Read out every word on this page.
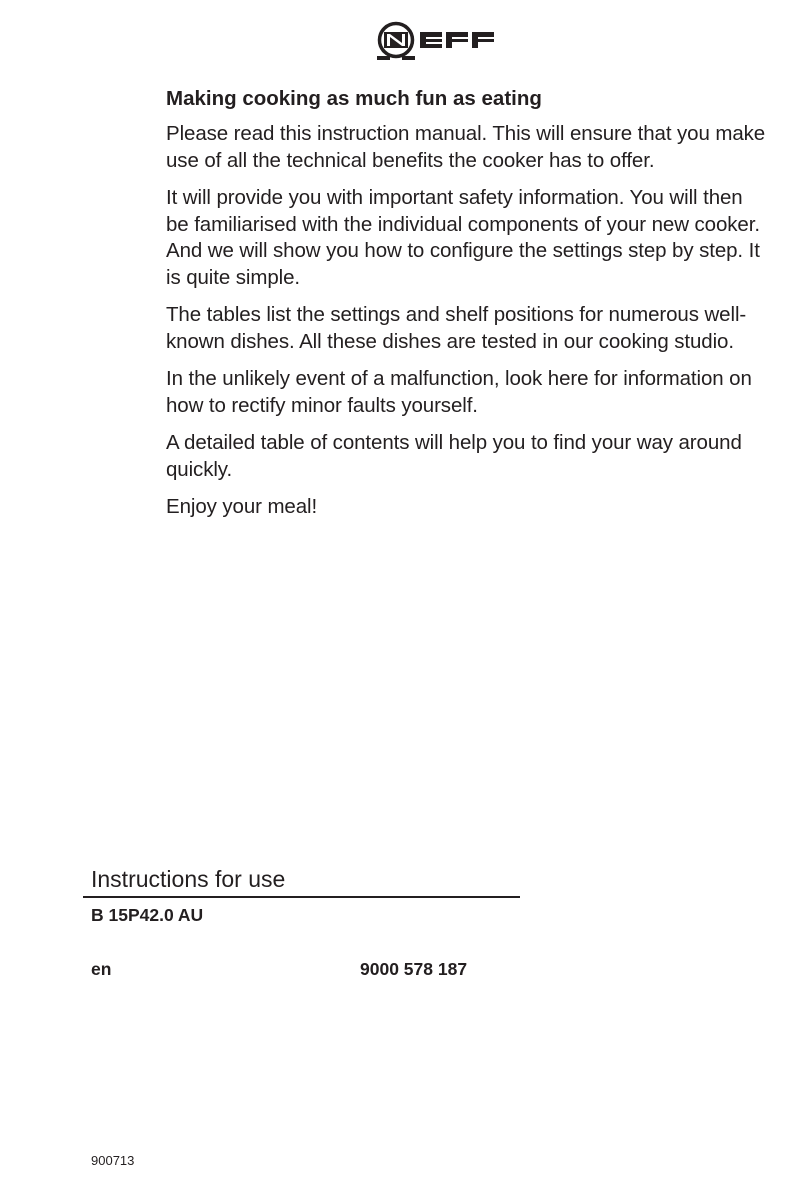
Making cooking as much fun as eating

Please read this instruction manual. This will ensure that you make use of all the technical benefits the cooker has to offer.

It will provide you with important safety information. You will then be familiarised with the individual components of your new cooker. And we will show you how to configure the settings step by step. It is quite simple.

The tables list the settings and shelf positions for numerous well-known dishes. All these dishes are tested in our cooking studio.

In the unlikely event of a malfunction, look here for information on how to rectify minor faults yourself.

A detailed table of contents will help you to find your way around quickly.

Enjoy your meal!

Instructions for use
B 15P42.0 AU
en	9000 578 187
900713
